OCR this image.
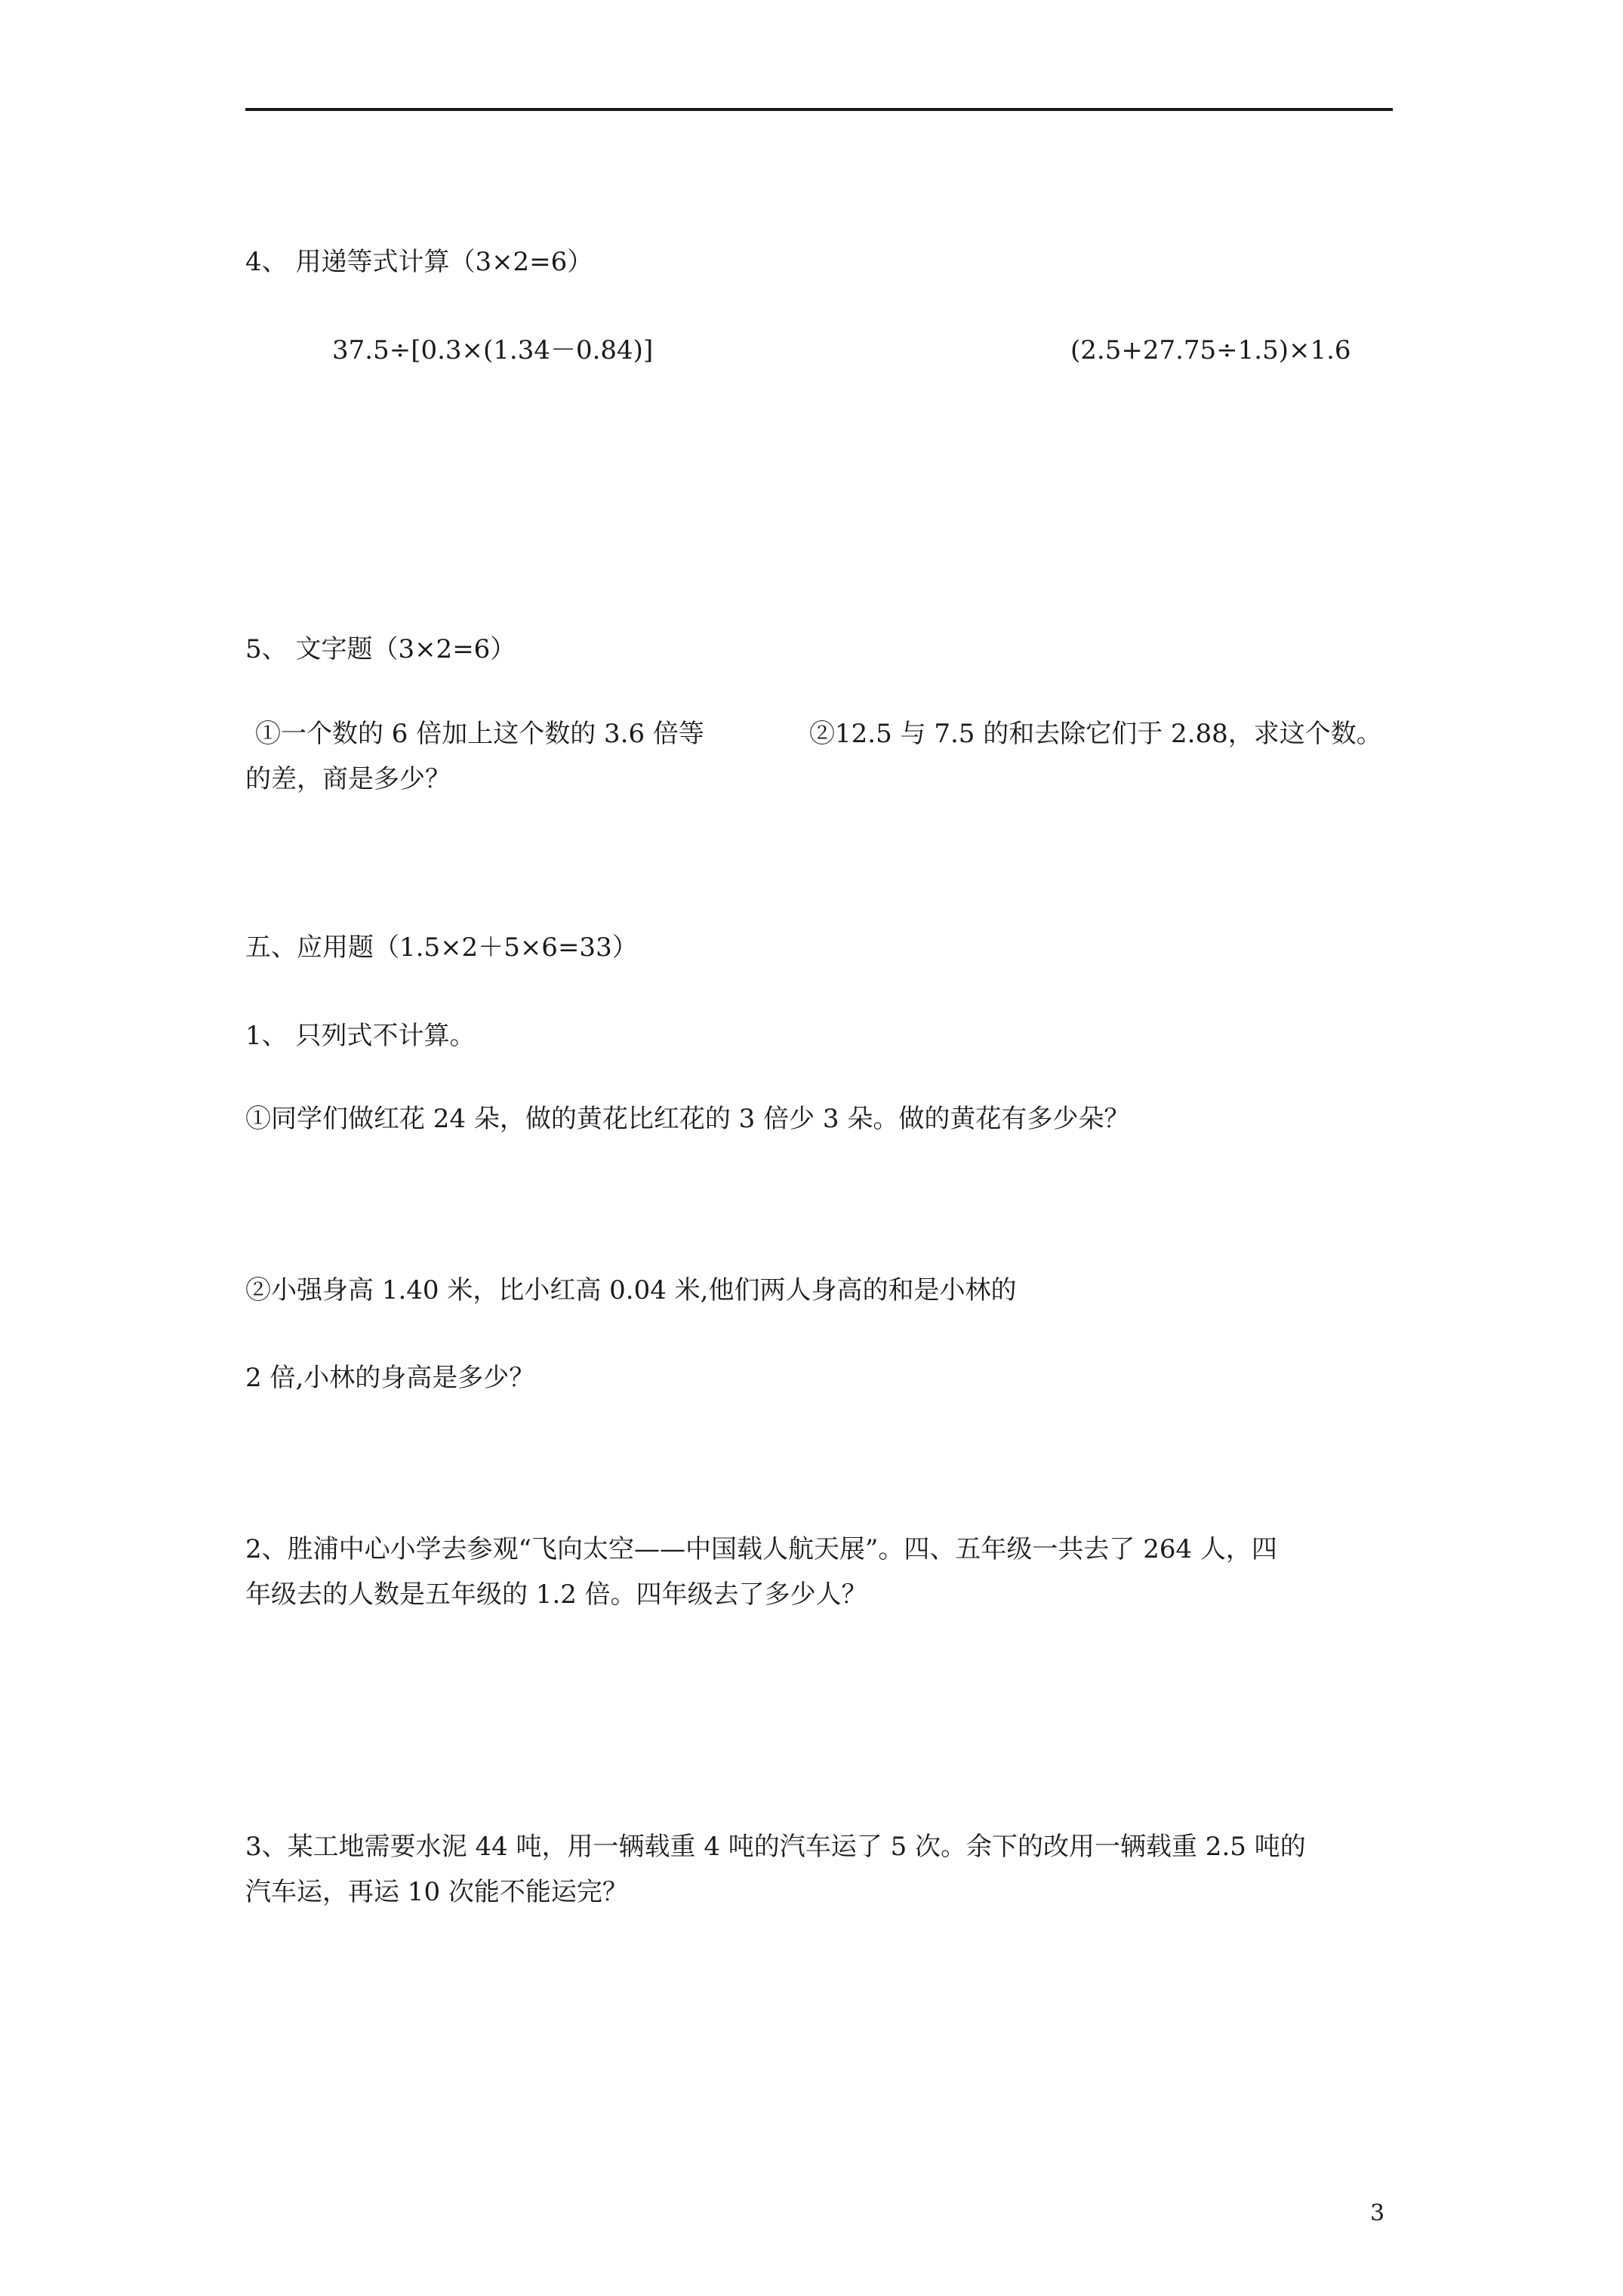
4、 用递等式计算（3×2=6）
37.5÷[0.3×(1.34－0.84)]	(2.5+27.75÷1.5)×1.6
5、 文字题（3×2=6）
①一个数的 6 倍加上这个数的 3.6 倍等	②12.5 与 7.5 的和去除它们于 2.88，求这个数。
的差，商是多少？
五、应用题（1.5×2＋5×6=33）
1、 只列式不计算。
①同学们做红花 24 朵，做的黄花比红花的 3 倍少 3 朵。做的黄花有多少朵？
②小强身高 1.40 米，比小红高 0.04 米,他们两人身高的和是小林的
2 倍,小林的身高是多少？
2、胜浦中心小学去参观“飞向太空——中国载人航天展”。四、五年级一共去了 264 人，四
年级去的人数是五年级的 1.2 倍。四年级去了多少人？
3、某工地需要水泥 44 吨，用一辆载重 4 吨的汽车运了 5 次。余下的改用一辆载重 2.5 吨的
汽车运，再运 10 次能不能运完？
3
